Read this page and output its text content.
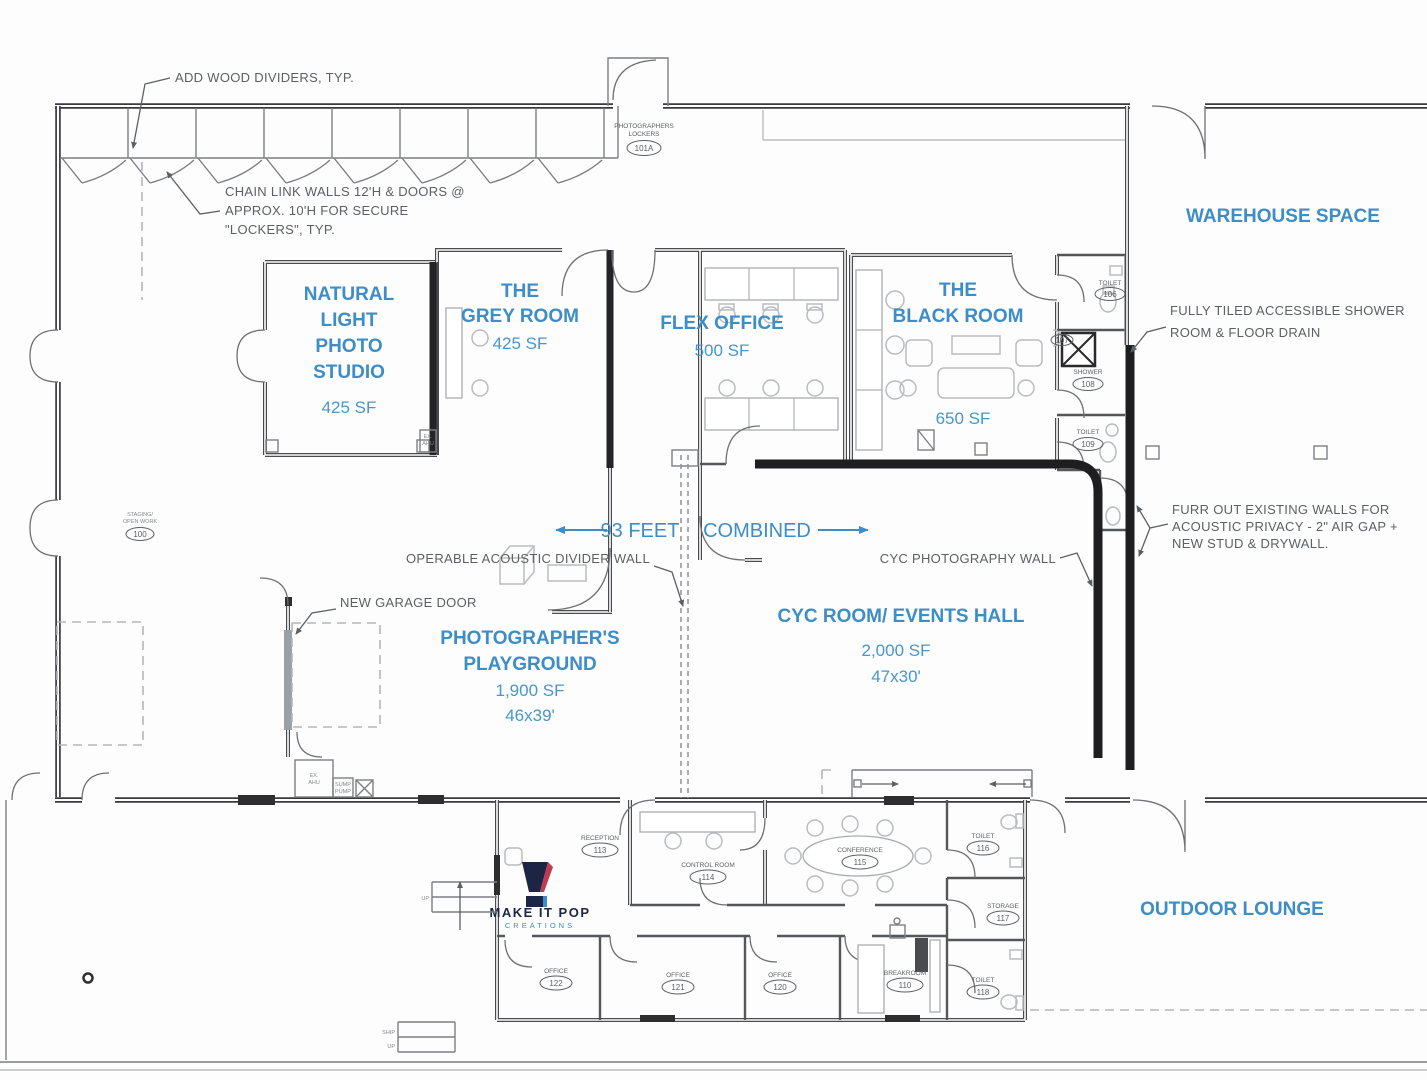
PHOTOGRAPHERS
LOCKERS
101A
EX.
AHU
NATURAL
LIGHT
PHOTO
STUDIO
425 SF
THE
GREY ROOM
425 SF
FLEX OFFICE
500 SF
THE
BLACK ROOM
650 SF
TOILET
106
107
SHOWER
108
TOILET
109
WAREHOUSE SPACE
CYC ROOM/ EVENTS HALL
2,000 SF
47x30'
EX.
AHU	SUMP
PUMP
PHOTOGRAPHER'S
PLAYGROUND
1,900 SF
46x39'
STAGING/
OPEN WORK
100	93 FEET COMBINED
ADD WOOD DIVIDERS, TYP.
CHAIN LINK WALLS 12'H & DOORS @
APPROX. 10'H FOR SECURE
"LOCKERS", TYP.
FULLY TILED ACCESSIBLE SHOWER
ROOM & FLOOR DRAIN
FURR OUT EXISTING WALLS FOR
ACOUSTIC PRIVACY - 2" AIR GAP +
NEW STUD & DRYWALL.
OPERABLE ACOUSTIC DIVIDER WALL	CYC PHOTOGRAPHY WALL
NEW GARAGE DOOR
RECEPTION
113
CONTROL ROOM
114
CONFERENCE
115
TOILET
116
STORAGE
117
TOILET
118
BREAKROOM
110
OFFICE
120
OFFICE
121
OFFICE
122
MAKE IT POP
CREATIONS
UP
SHIP
UP
OUTDOOR LOUNGE
